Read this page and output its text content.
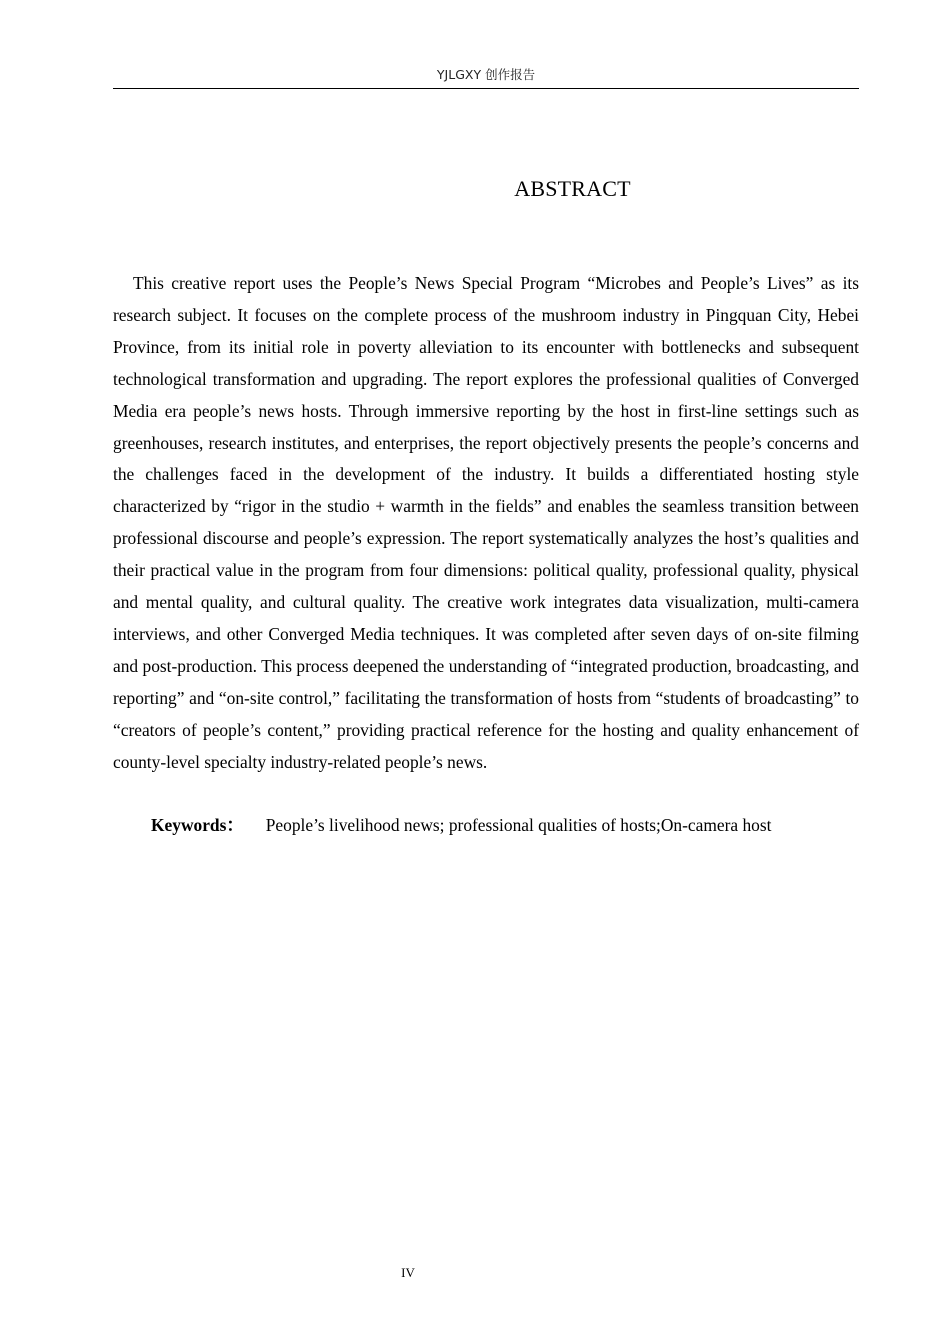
YJLGXY 创作报告
ABSTRACT

This creative report uses the People’s News Special Program “Microbes and People’s Lives” as its research subject. It focuses on the complete process of the mushroom industry in Pingquan City, Hebei Province, from its initial role in poverty alleviation to its encounter with bottlenecks and subsequent technological transformation and upgrading. The report explores the professional qualities of Converged Media era people’s news hosts. Through immersive reporting by the host in first-line settings such as greenhouses, research institutes, and enterprises, the report objectively presents the people’s concerns and the challenges faced in the development of the industry. It builds a differentiated hosting style characterized by “rigor in the studio + warmth in the fields” and enables the seamless transition between professional discourse and people’s expression. The report systematically analyzes the host’s qualities and their practical value in the program from four dimensions: political quality, professional quality, physical and mental quality, and cultural quality. The creative work integrates data visualization, multi-camera interviews, and other Converged Media techniques. It was completed after seven days of on-site filming and post-production. This process deepened the understanding of “integrated production, broadcasting, and reporting” and “on-site control,” facilitating the transformation of hosts from “students of broadcasting” to “creators of people’s content,” providing practical reference for the hosting and quality enhancement of county-level specialty industry-related people’s news.

Keywords： People’s livelihood news; professional qualities of hosts;On-camera host
IV
